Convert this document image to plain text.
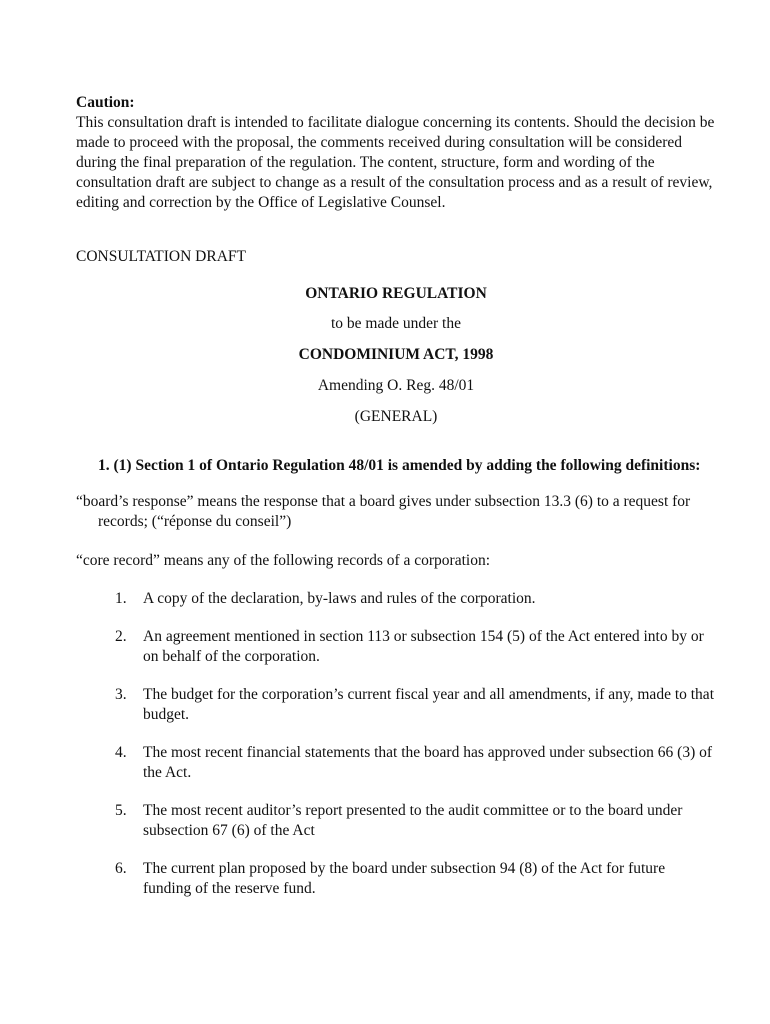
Caution:

This consultation draft is intended to facilitate dialogue concerning its contents. Should the decision be made to proceed with the proposal, the comments received during consultation will be considered during the final preparation of the regulation. The content, structure, form and wording of the consultation draft are subject to change as a result of the consultation process and as a result of review, editing and correction by the Office of Legislative Counsel.

CONSULTATION DRAFT

ONTARIO REGULATION

to be made under the

CONDOMINIUM ACT, 1998

Amending O. Reg. 48/01

(GENERAL)

1. (1) Section 1 of Ontario Regulation 48/01 is amended by adding the following definitions:

“board’s response” means the response that a board gives under subsection 13.3 (6) to a request for records; (“réponse du conseil”)

“core record” means any of the following records of a corporation:

1. A copy of the declaration, by-laws and rules of the corporation.
2. An agreement mentioned in section 113 or subsection 154 (5) of the Act entered into by or on behalf of the corporation.
3. The budget for the corporation’s current fiscal year and all amendments, if any, made to that budget.
4. The most recent financial statements that the board has approved under subsection 66 (3) of the Act.
5. The most recent auditor’s report presented to the audit committee or to the board under subsection 67 (6) of the Act
6. The current plan proposed by the board under subsection 94 (8) of the Act for future funding of the reserve fund.
